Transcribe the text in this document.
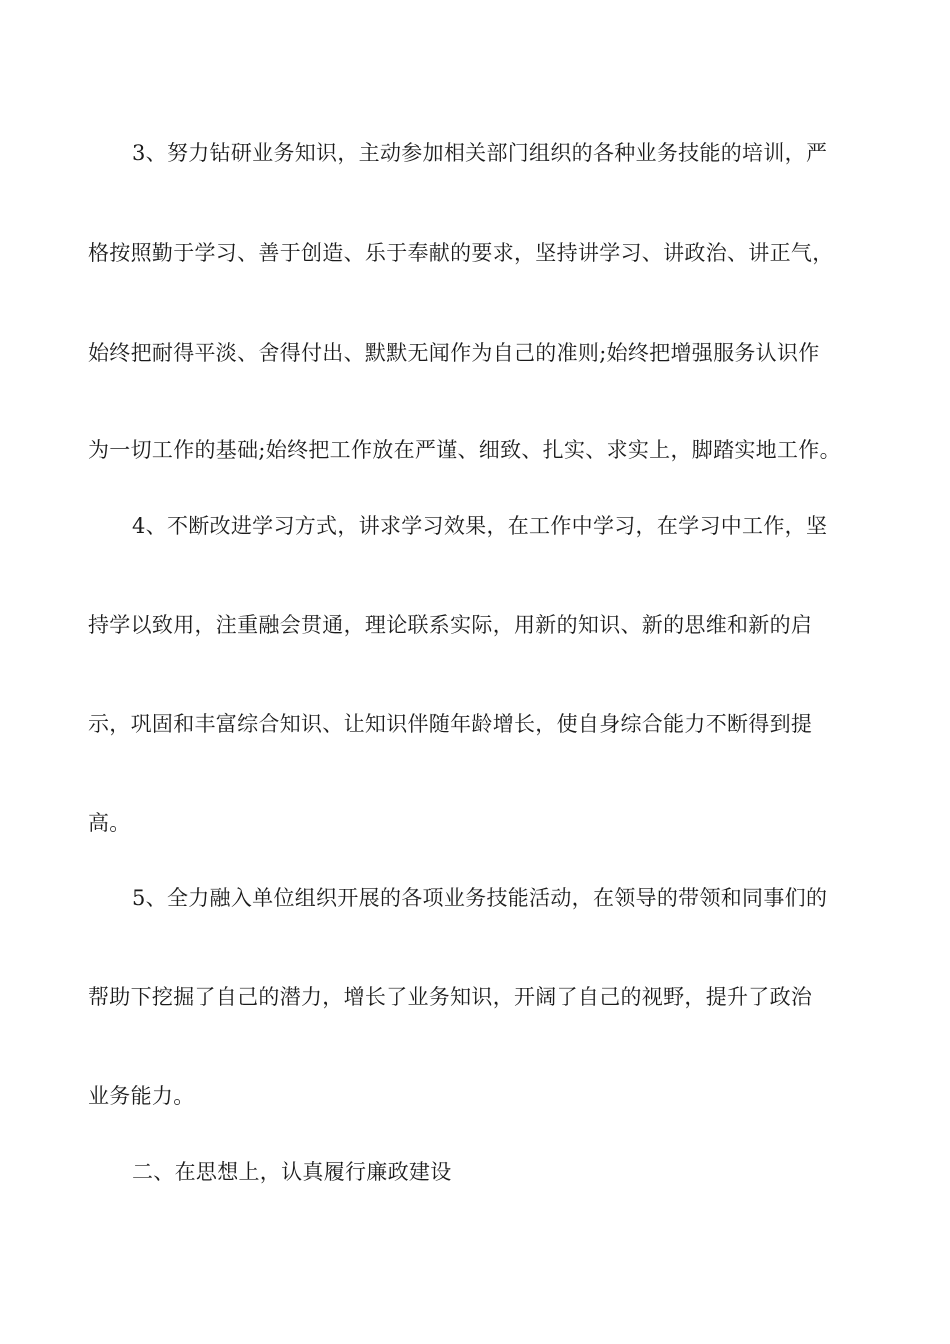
3、努力钻研业务知识，主动参加相关部门组织的各种业务技能的培训，严
格按照勤于学习、善于创造、乐于奉献的要求，坚持讲学习、讲政治、讲正气，
始终把耐得平淡、舍得付出、默默无闻作为自己的准则;始终把增强服务认识作
为一切工作的基础;始终把工作放在严谨、细致、扎实、求实上，脚踏实地工作。
4、不断改进学习方式，讲求学习效果，在工作中学习，在学习中工作，坚
持学以致用，注重融会贯通，理论联系实际，用新的知识、新的思维和新的启
示，巩固和丰富综合知识、让知识伴随年龄增长，使自身综合能力不断得到提
高。
5、全力融入单位组织开展的各项业务技能活动，在领导的带领和同事们的
帮助下挖掘了自己的潜力，增长了业务知识，开阔了自己的视野，提升了政治
业务能力。
二、在思想上，认真履行廉政建设
